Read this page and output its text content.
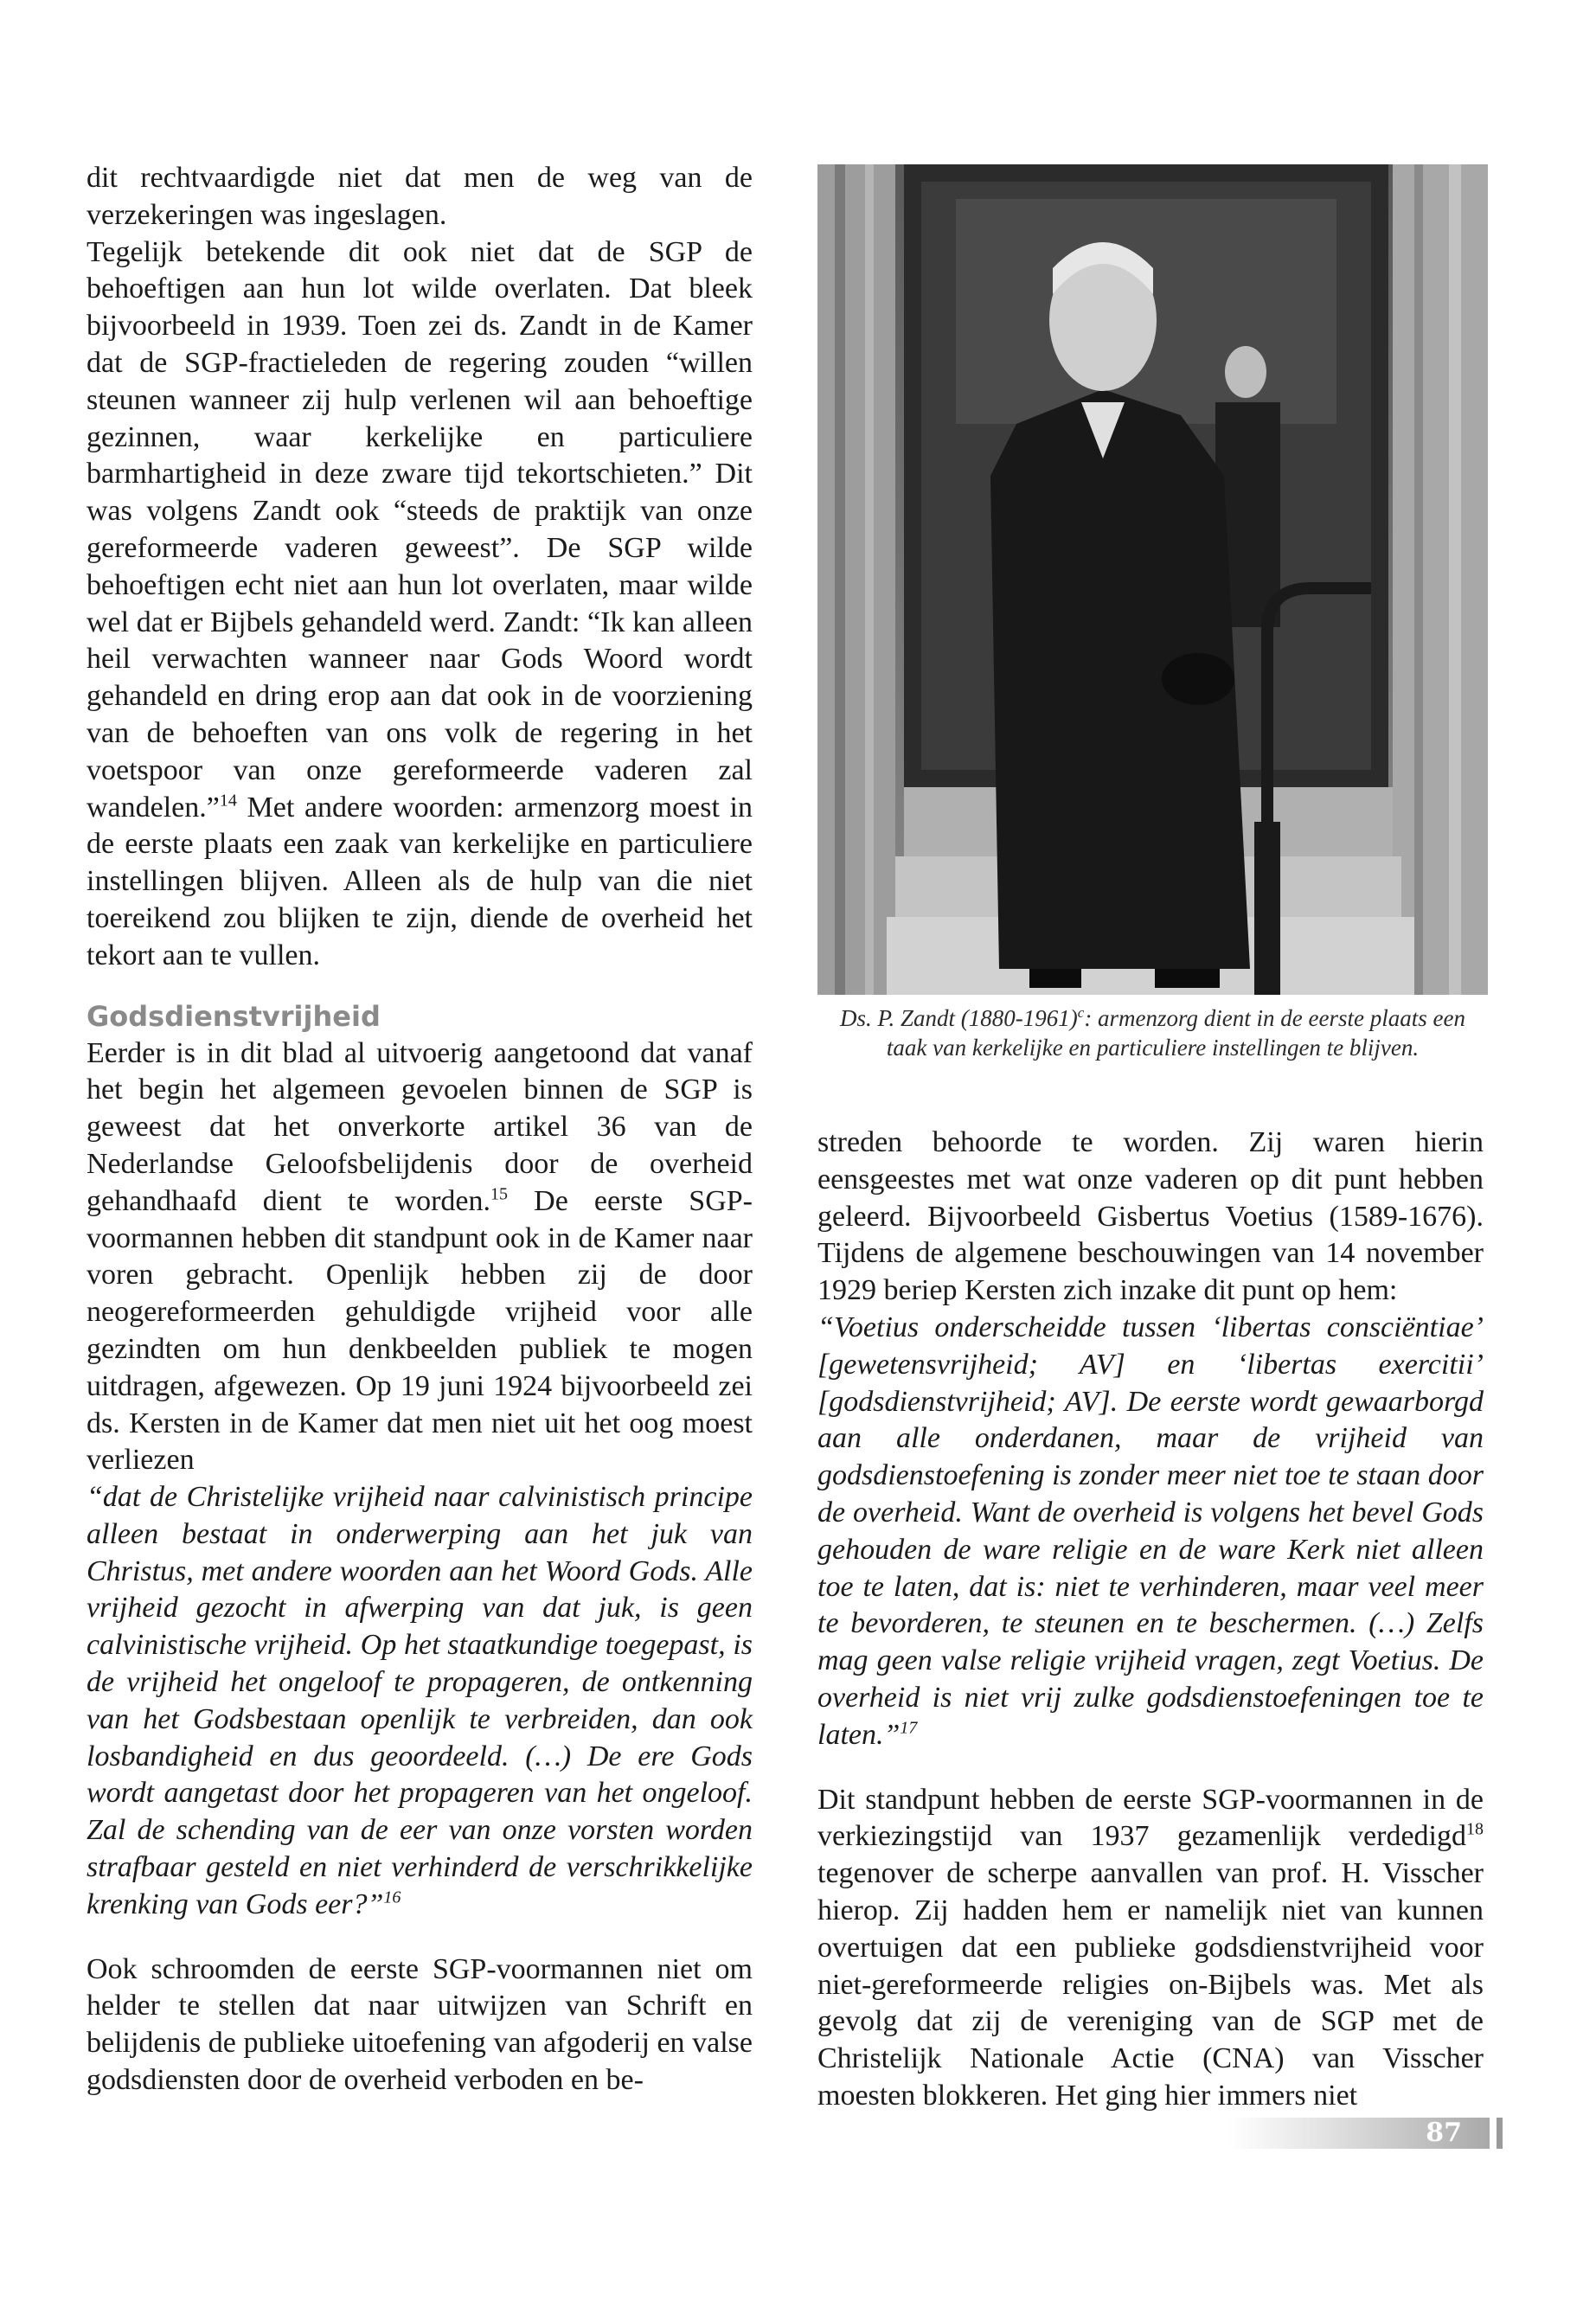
dit rechtvaardigde niet dat men de weg van de verzekeringen was ingeslagen.

Tegelijk betekende dit ook niet dat de SGP de behoeftigen aan hun lot wilde overlaten. Dat bleek bijvoorbeeld in 1939. Toen zei ds. Zandt in de Kamer dat de SGP-fractieleden de regering zouden “willen steunen wanneer zij hulp verlenen wil aan behoeftige gezinnen, waar kerkelijke en particuliere barmhartigheid in deze zware tijd tekortschieten.” Dit was volgens Zandt ook “steeds de praktijk van onze gereformeerde vaderen geweest”. De SGP wilde behoeftigen echt niet aan hun lot overlaten, maar wilde wel dat er Bijbels gehandeld werd. Zandt: “Ik kan alleen heil verwachten wanneer naar Gods Woord wordt gehandeld en dring erop aan dat ook in de voorziening van de behoeften van ons volk de regering in het voetspoor van onze gereformeerde vaderen zal wandelen.”$^{14}$ Met andere woorden: armenzorg moest in de eerste plaats een zaak van kerkelijke en particuliere instellingen blijven. Alleen als de hulp van die niet toereikend zou blijken te zijn, diende de overheid het tekort aan te vullen.

Godsdienstvrijheid

Eerder is in dit blad al uitvoerig aangetoond dat vanaf het begin het algemeen gevoelen binnen de SGP is geweest dat het onverkorte artikel 36 van de Nederlandse Geloofsbelijdenis door de overheid gehandhaafd dient te worden.$^{15}$ De eerste SGP-voormannen hebben dit standpunt ook in de Kamer naar voren gebracht. Openlijk hebben zij de door neogereformeerden gehuldigde vrijheid voor alle gezindten om hun denkbeelden publiek te mogen uitdragen, afgewezen. Op 19 juni 1924 bijvoorbeeld zei ds. Kersten in de Kamer dat men niet uit het oog moest verliezen

“dat de Christelijke vrijheid naar calvinistisch principe alleen bestaat in onderwerping aan het juk van Christus, met andere woorden aan het Woord Gods. Alle vrijheid gezocht in afwerping van dat juk, is geen calvinistische vrijheid. Op het staatkundige toegepast, is de vrijheid het ongeloof te propageren, de ontkenning van het Godsbestaan openlijk te verbreiden, dan ook losbandigheid en dus geoordeeld. (…) De ere Gods wordt aangetast door het propageren van het ongeloof. Zal de schending van de eer van onze vorsten worden strafbaar gesteld en niet verhinderd de verschrikkelijke krenking van Gods eer?”$^{16}$

Ook schroomden de eerste SGP-voormannen niet om helder te stellen dat naar uitwijzen van Schrift en belijdenis de publieke uitoefening van afgoderij en valse godsdiensten door de overheid verboden en be-

Ds. P. Zandt (1880-1961)$^c$: armenzorg dient in de eerste plaats een taak van kerkelijke en particuliere instellingen te blijven.

streden behoorde te worden. Zij waren hierin eensgeestes met wat onze vaderen op dit punt hebben geleerd. Bijvoorbeeld Gisbertus Voetius (1589-1676). Tijdens de algemene beschouwingen van 14 november 1929 beriep Kersten zich inzake dit punt op hem:

“Voetius onderscheidde tussen ‘libertas consciëntiae’ [gewetensvrijheid; AV] en ‘libertas exercitii’ [godsdienstvrijheid; AV]. De eerste wordt gewaarborgd aan alle onderdanen, maar de vrijheid van godsdienstoefening is zonder meer niet toe te staan door de overheid. Want de overheid is volgens het bevel Gods gehouden de ware religie en de ware Kerk niet alleen toe te laten, dat is: niet te verhinderen, maar veel meer te bevorderen, te steunen en te beschermen. (…) Zelfs mag geen valse religie vrijheid vragen, zegt Voetius. De overheid is niet vrij zulke godsdienstoefeningen toe te laten.”$^{17}$

Dit standpunt hebben de eerste SGP-voormannen in de verkiezingstijd van 1937 gezamenlijk verdedigd$^{18}$ tegenover de scherpe aanvallen van prof. H. Visscher hierop. Zij hadden hem er namelijk niet van kunnen overtuigen dat een publieke godsdienstvrijheid voor niet-gereformeerde religies on-Bijbels was. Met als gevolg dat zij de vereniging van de SGP met de Christelijk Nationale Actie (CNA) van Visscher moesten blokkeren. Het ging hier immers niet

87
